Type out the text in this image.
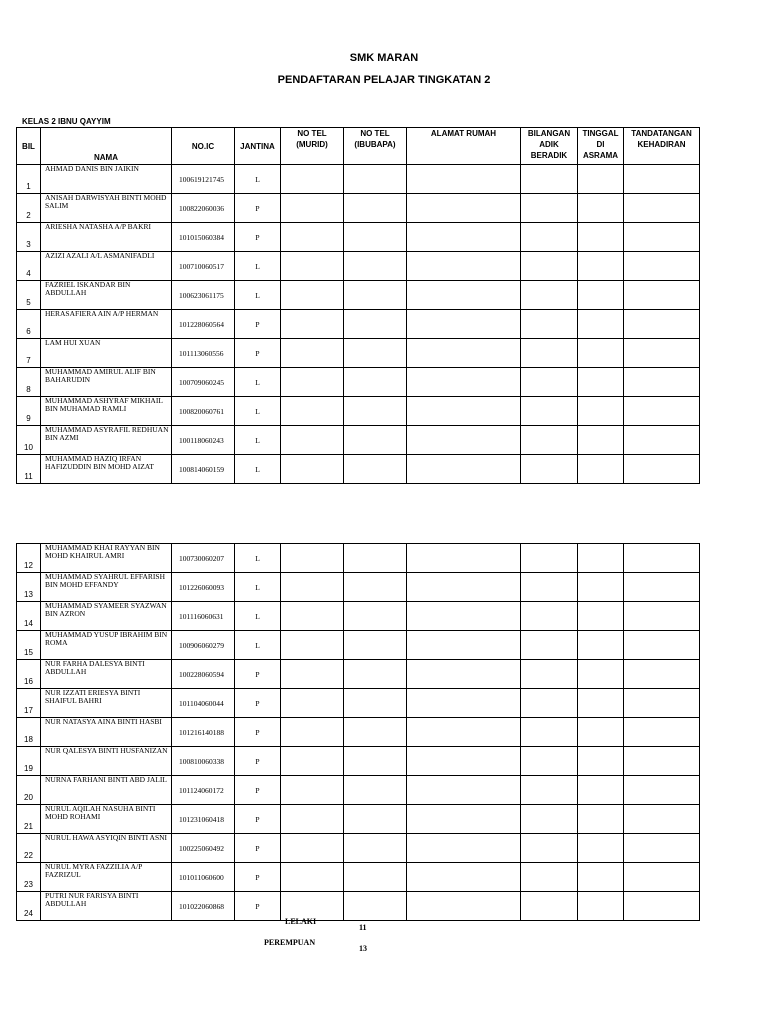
SMK MARAN
PENDAFTARAN PELAJAR TINGKATAN 2
KELAS 2 IBNU QAYYIM
BIL	NAMA	NO.IC	JANTINA	NO TEL (MURID)	NO TEL (IBUBAPA)	ALAMAT RUMAH	BILANGAN ADIK BERADIK	TINGGAL DI ASRAMA	TANDATANGAN KEHADIRAN
1	AHMAD DANIS BIN JAIKIN	100619121745	L						
2	ANISAH DARWISYAH BINTI MOHD SALIM	100822060036	P						
3	ARIESHA NATASHA A/P BAKRI	101015060384	P						
4	AZIZI AZALI A/L ASMANIFADLI	100710060517	L						
5	FAZRIEL ISKANDAR BIN ABDULLAH	100623061175	L						
6	HERASAFIERA AIN A/P HERMAN	101228060564	P						
7	LAM HUI XUAN	101113060556	P						
8	MUHAMMAD AMIRUL ALIF BIN BAHARUDIN	100709060245	L						
9	MUHAMMAD ASHYRAF MIKHAIL BIN MUHAMAD RAMLI	100820060761	L						
10	MUHAMMAD ASYRAFIL REDHUAN BIN AZMI	100118060243	L						
11	MUHAMMAD HAZIQ IRFAN HAFIZUDDIN BIN MOHD AIZAT	100814060159	L						
12	MUHAMMAD KHAI RAYYAN BIN MOHD KHAIRUL AMRI	100730060207	L						
13	MUHAMMAD SYAHRUL EFFARISH BIN MOHD EFFANDY	101226060093	L						
14	MUHAMMAD SYAMEER SYAZWAN BIN AZRON	101116060631	L						
15	MUHAMMAD YUSUP IBRAHIM BIN ROMA	100906060279	L						
16	NUR FARHA DALESYA BINTI ABDULLAH	100228060594	P						
17	NUR IZZATI ERIESYA BINTI SHAIFUL BAHRI	101104060044	P						
18	NUR NATASYA AINA BINTI HASBI	101216140188	P						
19	NUR QALESYA BINTI HUSFANIZAN	100810060338	P						
20	NURNA FARHANI BINTI ABD JALIL	101124060172	P						
21	NURUL AQILAH NASUHA BINTI MOHD ROHAMI	101231060418	P						
22	NURUL HAWA ASYIQIN BINTI ASNI	100225060492	P						
23	NURUL MYRA FAZZILIA A/P FAZRIZUL	101011060600	P						
24	PUTRI NUR FARISYA BINTI ABDULLAH	101022060868	P						
LELAKI
11
PEREMPUAN
13
